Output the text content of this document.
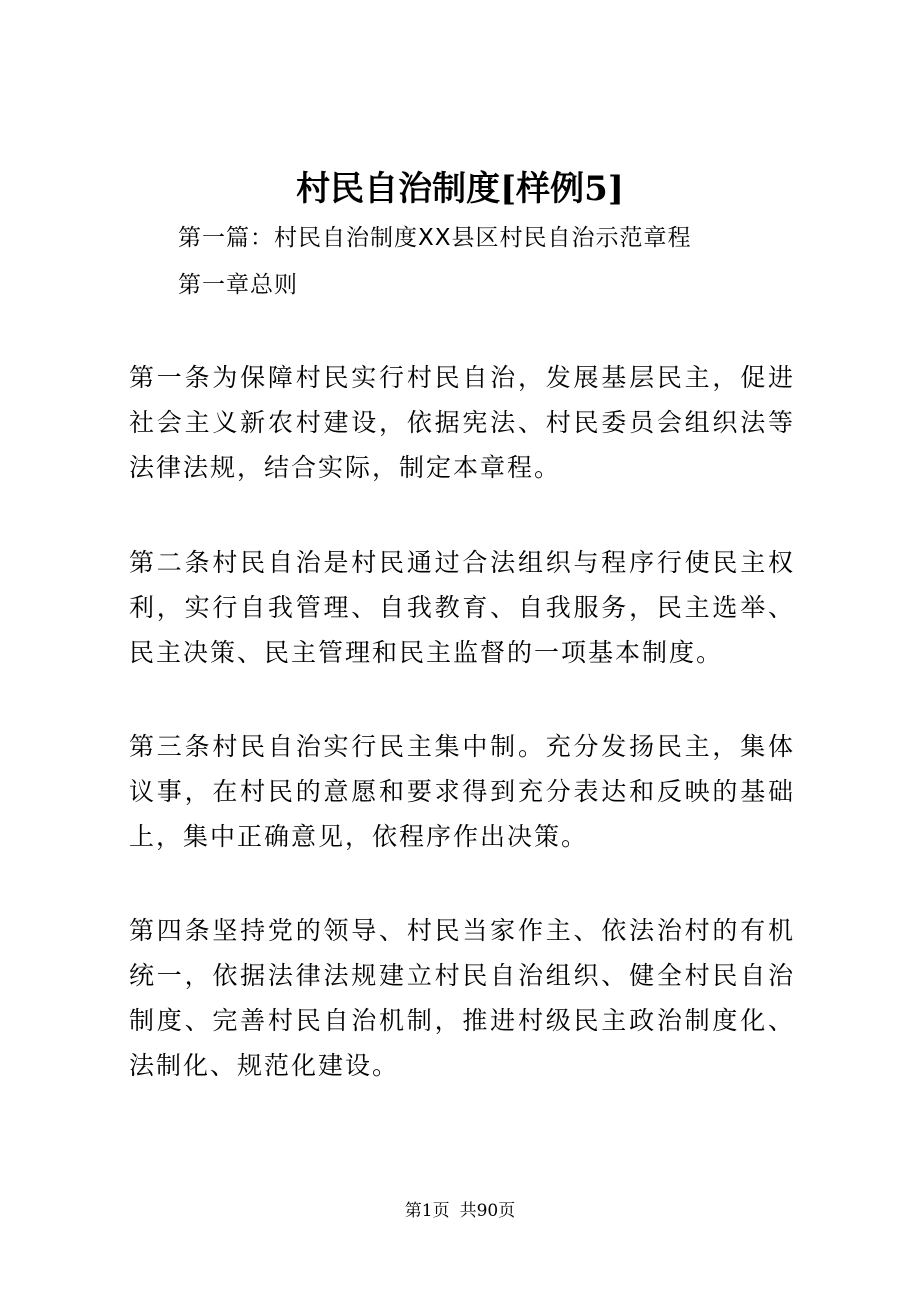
村民自治制度[样例5]

第一篇：村民自治制度XX县区村民自治示范章程

第一章总则

第一条为保障村民实行村民自治，发展基层民主，促进社会主义新农村建设，依据宪法、村民委员会组织法等法律法规，结合实际，制定本章程。

第二条村民自治是村民通过合法组织与程序行使民主权利，实行自我管理、自我教育、自我服务，民主选举、民主决策、民主管理和民主监督的一项基本制度。

第三条村民自治实行民主集中制。充分发扬民主，集体议事，在村民的意愿和要求得到充分表达和反映的基础上，集中正确意见，依程序作出决策。

第四条坚持党的领导、村民当家作主、依法治村的有机统一，依据法律法规建立村民自治组织、健全村民自治制度、完善村民自治机制，推进村级民主政治制度化、法制化、规范化建设。

第1页 共90页
